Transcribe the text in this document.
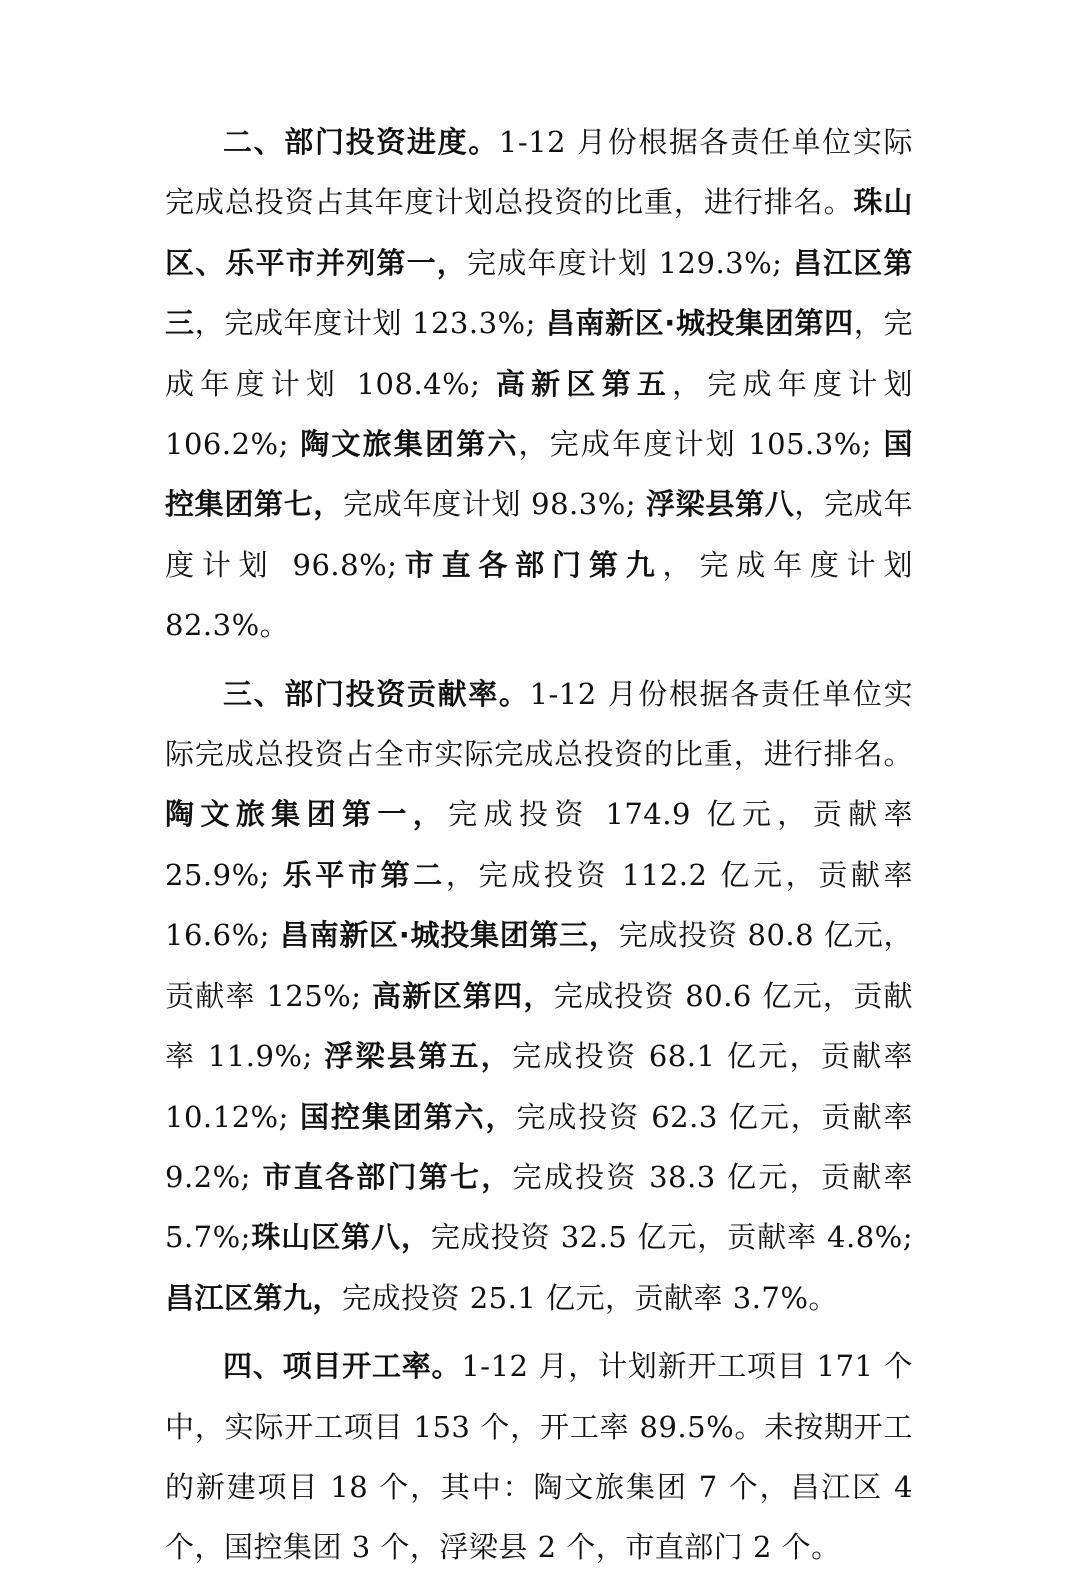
二、部门投资进度。1-12 月份根据各责任单位实际完成总投资占其年度计划总投资的比重，进行排名。珠山区、乐平市并列第一，完成年度计划 129.3%; 昌江区第三，完成年度计划 123.3%; 昌南新区·城投集团第四，完成年度计划 108.4%; 高新区第五，完成年度计划 106.2%; 陶文旅集团第六，完成年度计划 105.3%; 国控集团第七，完成年度计划 98.3%; 浮梁县第八，完成年度计划 96.8%;市直各部门第九，完成年度计划 82.3%。

三、部门投资贡献率。1-12 月份根据各责任单位实际完成总投资占全市实际完成总投资的比重，进行排名。陶文旅集团第一，完成投资 174.9 亿元，贡献率 25.9%; 乐平市第二，完成投资 112.2 亿元，贡献率 16.6%; 昌南新区·城投集团第三，完成投资 80.8 亿元，贡献率 125%; 高新区第四，完成投资 80.6 亿元，贡献率 11.9%; 浮梁县第五，完成投资 68.1 亿元，贡献率 10.12%; 国控集团第六，完成投资 62.3 亿元，贡献率 9.2%; 市直各部门第七，完成投资 38.3 亿元，贡献率 5.7%;珠山区第八，完成投资 32.5 亿元，贡献率 4.8%; 昌江区第九，完成投资 25.1 亿元，贡献率 3.7%。

四、项目开工率。1-12 月，计划新开工项目 171 个中，实际开工项目 153 个，开工率 89.5%。未按期开工的新建项目 18 个，其中：陶文旅集团 7 个，昌江区 4 个，国控集团 3 个，浮梁县 2 个，市直部门 2 个。
